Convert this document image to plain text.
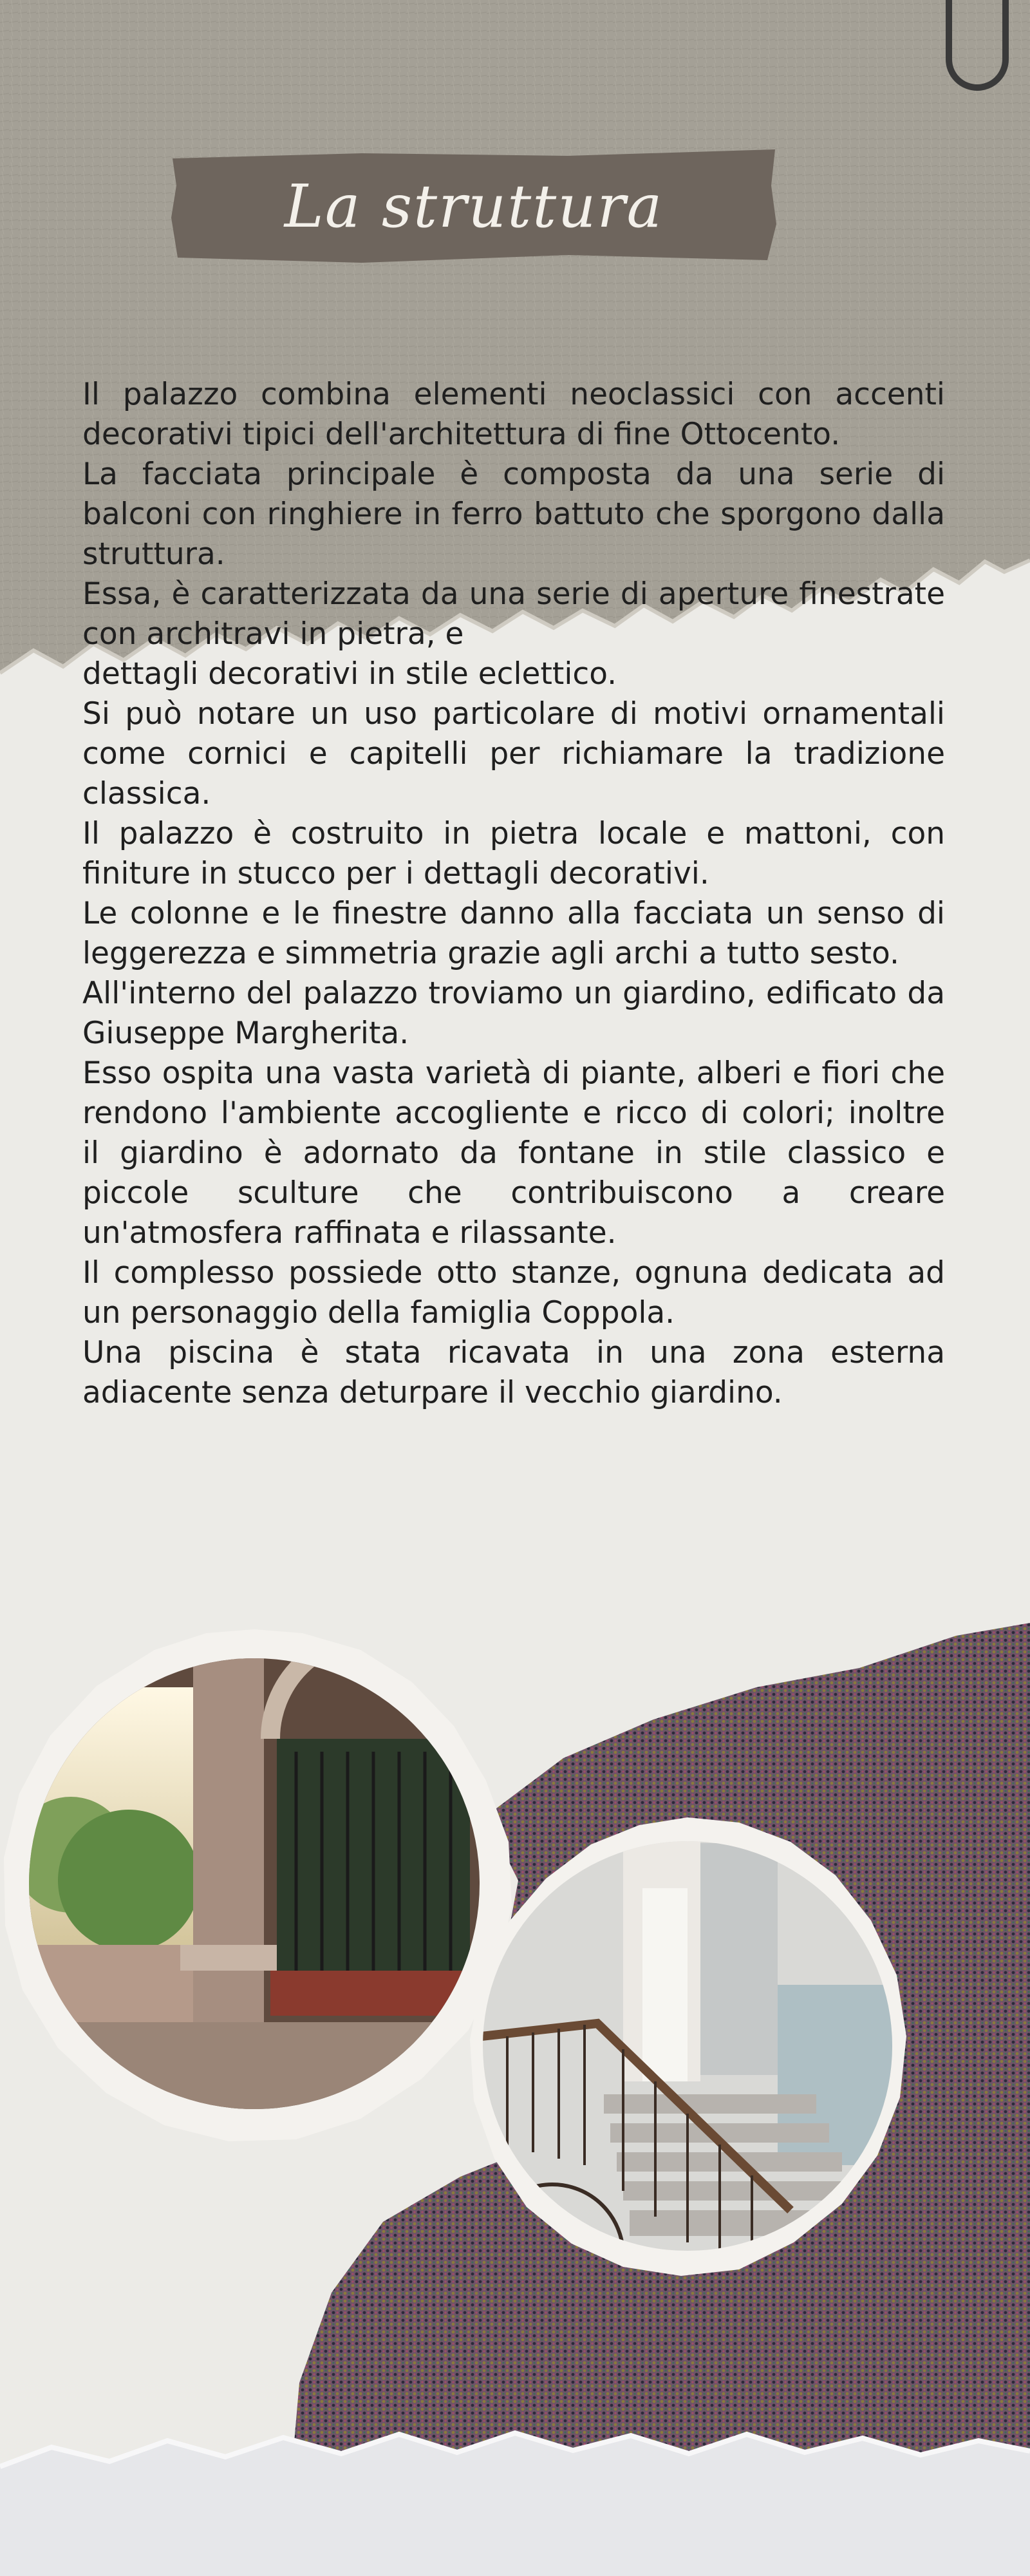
La struttura

Il palazzo combina elementi neoclassici con accenti decorativi tipici dell'architettura di fine Ottocento.

La facciata principale è composta da una serie di balconi con ringhiere in ferro battuto che sporgono dalla struttura.

Essa, è caratterizzata da una serie di aperture finestrate con architravi in pietra, e

dettagli decorativi in stile eclettico.

Si può notare un uso particolare di motivi ornamentali come cornici e capitelli per richiamare la tradizione classica.

Il palazzo è costruito in pietra locale e mattoni, con finiture in stucco per i dettagli decorativi.

Le colonne e le finestre danno alla facciata un senso di leggerezza e simmetria grazie agli archi a tutto sesto.

All'interno del palazzo troviamo un giardino, edificato da Giuseppe Margherita.

Esso ospita una vasta varietà di piante, alberi e fiori che rendono l'ambiente accogliente e ricco di colori; inoltre il giardino è adornato da fontane in stile classico e piccole sculture che contribuiscono a creare un'atmosfera raffinata e rilassante.

Il complesso possiede otto stanze, ognuna dedicata ad un personaggio della famiglia Coppola.

Una piscina è stata ricavata in una zona esterna adiacente senza deturpare il vecchio giardino.
